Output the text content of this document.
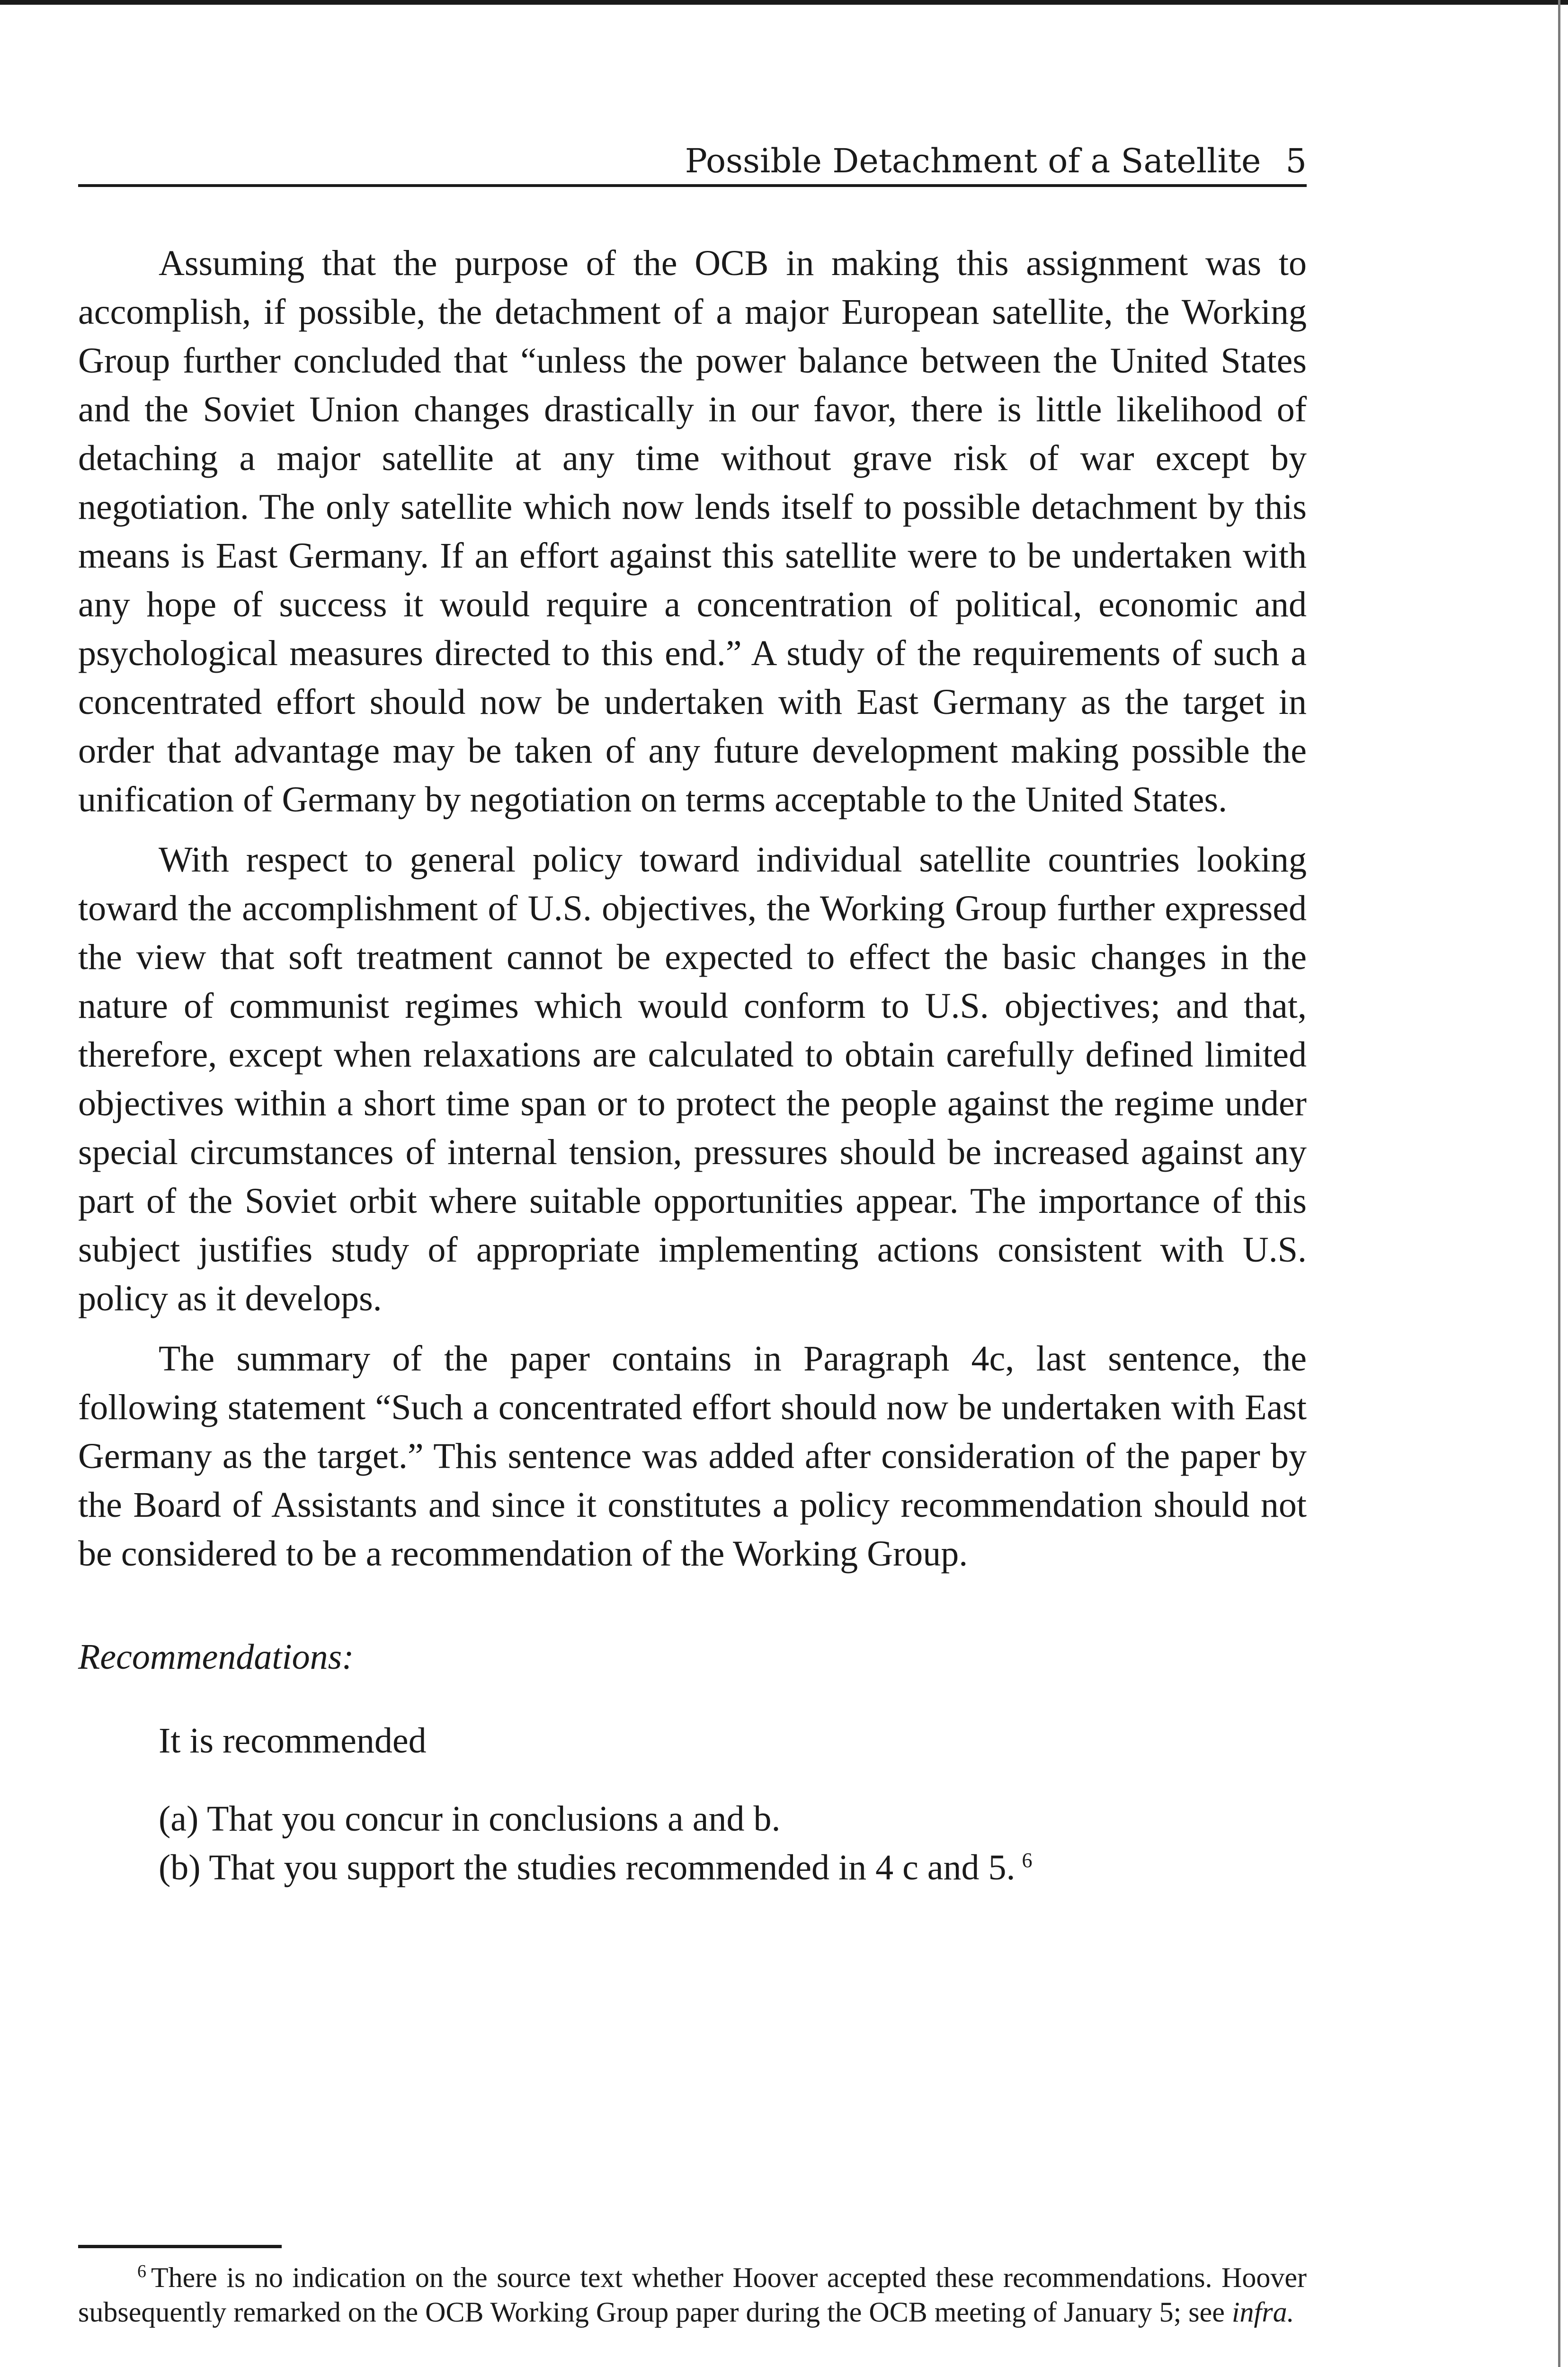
Possible Detachment of a Satellite 5

Assuming that the purpose of the OCB in making this assignment was to accomplish, if possible, the detachment of a major European satellite, the Working Group further concluded that “unless the power balance between the United States and the Soviet Union changes drastically in our favor, there is little likelihood of detaching a major satellite at any time without grave risk of war except by negotiation. The only satellite which now lends itself to possible detachment by this means is East Germany. If an effort against this satellite were to be undertaken with any hope of success it would require a concentration of political, economic and psychological measures directed to this end.” A study of the requirements of such a concentrated effort should now be undertaken with East Germany as the target in order that advantage may be taken of any future development making possible the unification of Germany by negotiation on terms acceptable to the United States.

With respect to general policy toward individual satellite countries looking toward the accomplishment of U.S. objectives, the Working Group further expressed the view that soft treatment cannot be expected to effect the basic changes in the nature of communist regimes which would conform to U.S. objectives; and that, therefore, except when relaxations are calculated to obtain carefully defined limited objectives within a short time span or to protect the people against the regime under special circumstances of internal tension, pressures should be increased against any part of the Soviet orbit where suitable opportunities appear. The importance of this subject justifies study of appropriate implementing actions consistent with U.S. policy as it develops.

The summary of the paper contains in Paragraph 4c, last sentence, the following statement “Such a concentrated effort should now be undertaken with East Germany as the target.” This sentence was added after consideration of the paper by the Board of Assistants and since it constitutes a policy recommendation should not be considered to be a recommendation of the Working Group.

Recommendations:
It is recommended
(a) That you concur in conclusions a and b.
(b) That you support the studies recommended in 4 c and 5. $^6$

$^6$ There is no indication on the source text whether Hoover accepted these recommendations. Hoover subsequently remarked on the OCB Working Group paper during the OCB meeting of January 5; see infra.
